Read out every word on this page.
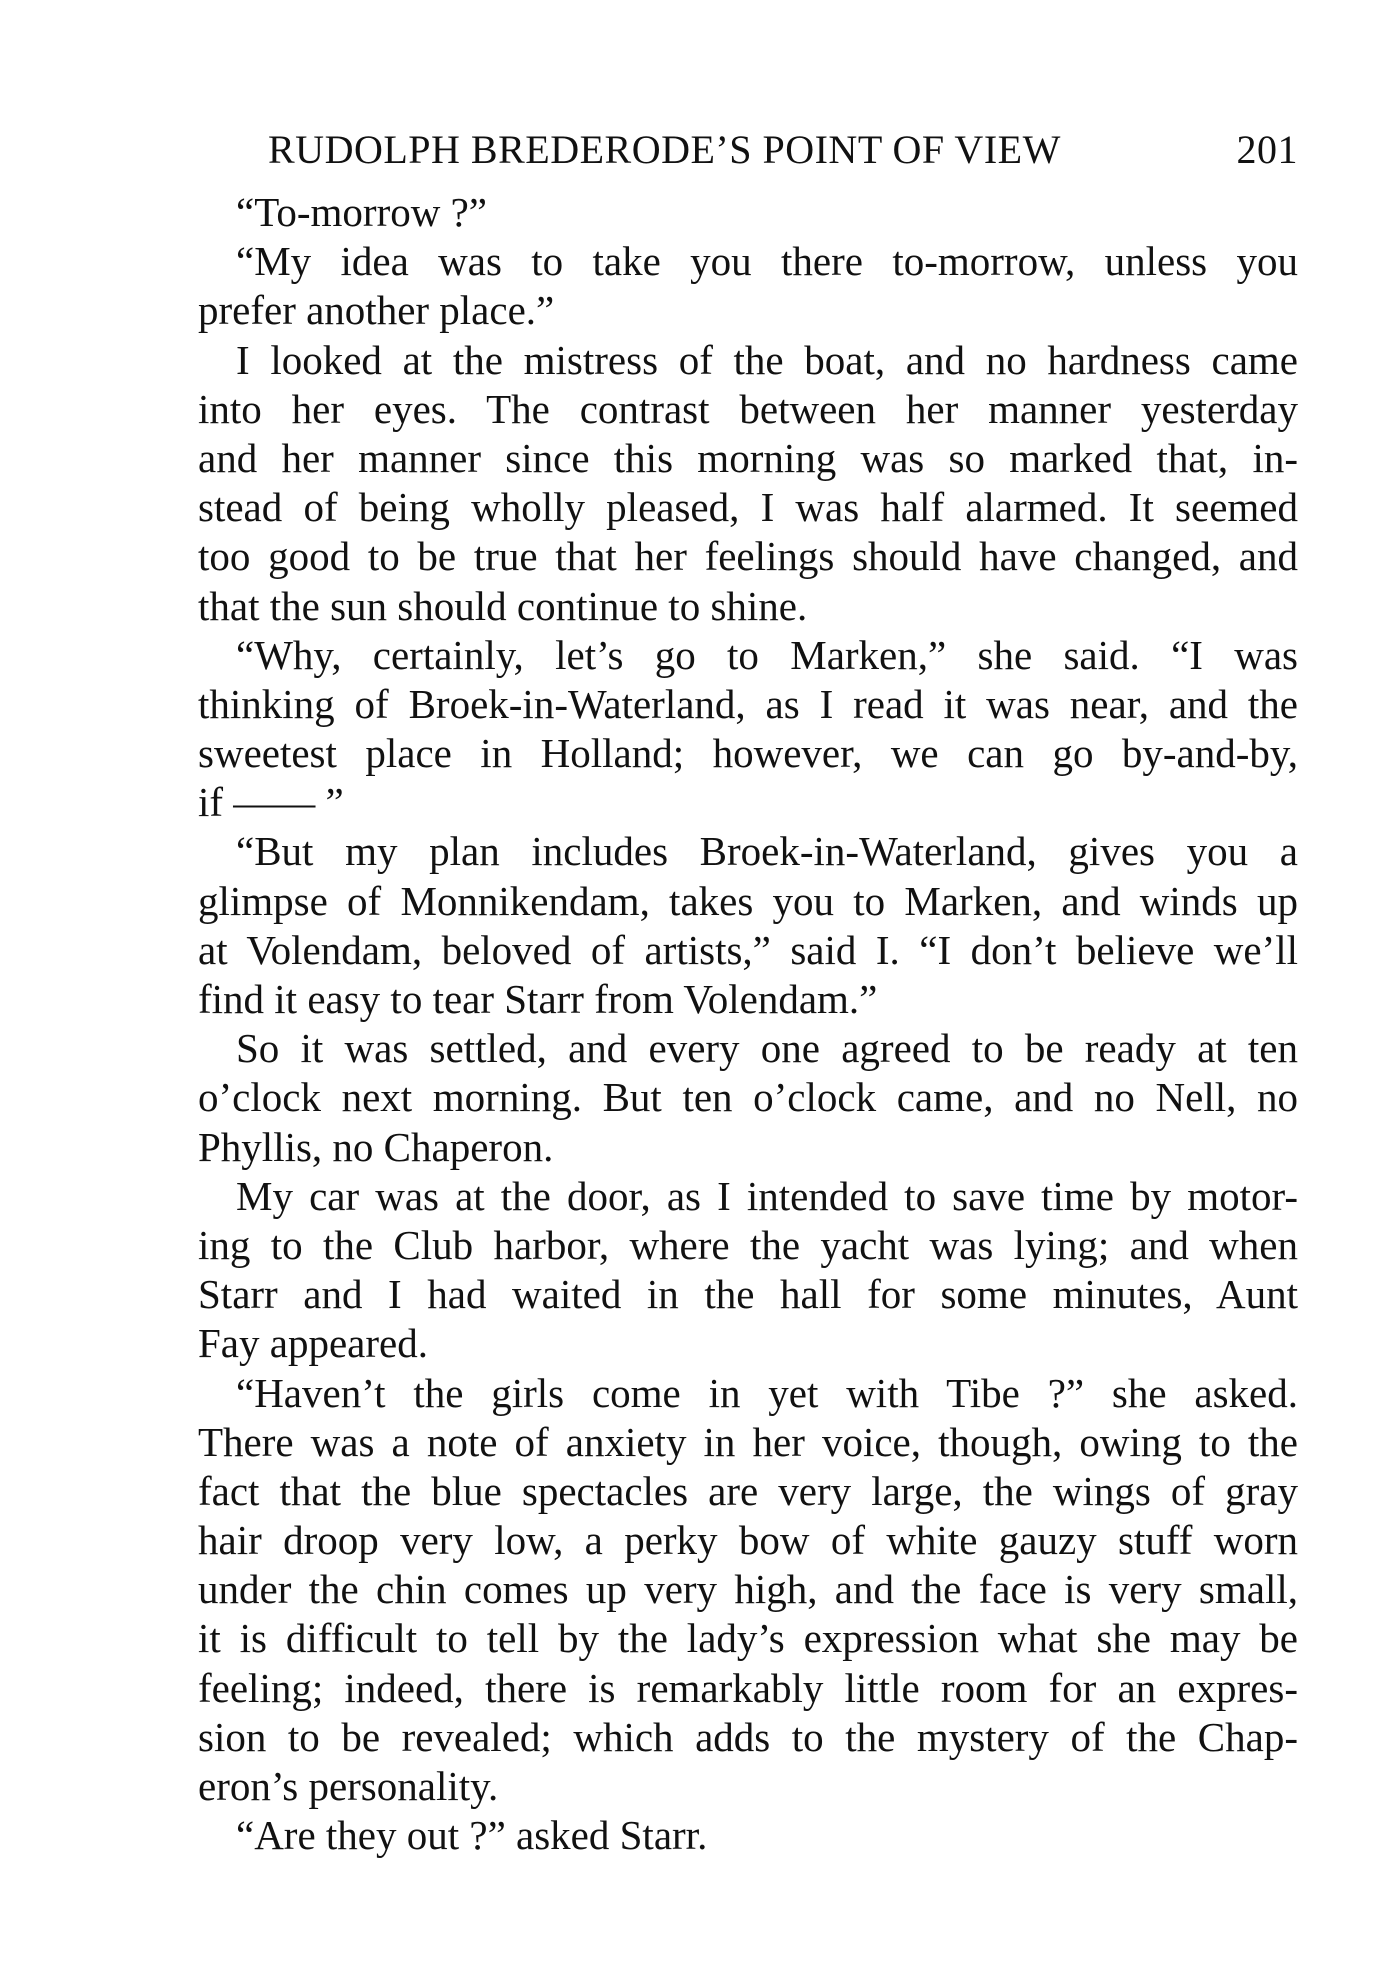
RUDOLPH BREDERODE’S POINT OF VIEW	201
“To-morrow ?”
“My idea was to take you there to-morrow, unless you
prefer another place.”
I looked at the mistress of the boat, and no hardness came
into her eyes. The contrast between her manner yesterday
and her manner since this morning was so marked that, in-
stead of being wholly pleased, I was half alarmed. It seemed
too good to be true that her feelings should have changed, and
that the sun should continue to shine.
“Why, certainly, let’s go to Marken,” she said. “I was
thinking of Broek-in-Waterland, as I read it was near, and the
sweetest place in Holland; however, we can go by-and-by,
if —— ”
“But my plan includes Broek-in-Waterland, gives you a
glimpse of Monnikendam, takes you to Marken, and winds up
at Volendam, beloved of artists,” said I. “I don’t believe we’ll
find it easy to tear Starr from Volendam.”
So it was settled, and every one agreed to be ready at ten
o’clock next morning. But ten o’clock came, and no Nell, no
Phyllis, no Chaperon.
My car was at the door, as I intended to save time by motor-
ing to the Club harbor, where the yacht was lying; and when
Starr and I had waited in the hall for some minutes, Aunt
Fay appeared.
“Haven’t the girls come in yet with Tibe ?” she asked.
There was a note of anxiety in her voice, though, owing to the
fact that the blue spectacles are very large, the wings of gray
hair droop very low, a perky bow of white gauzy stuff worn
under the chin comes up very high, and the face is very small,
it is difficult to tell by the lady’s expression what she may be
feeling; indeed, there is remarkably little room for an expres-
sion to be revealed; which adds to the mystery of the Chap-
eron’s personality.
“Are they out ?” asked Starr.
